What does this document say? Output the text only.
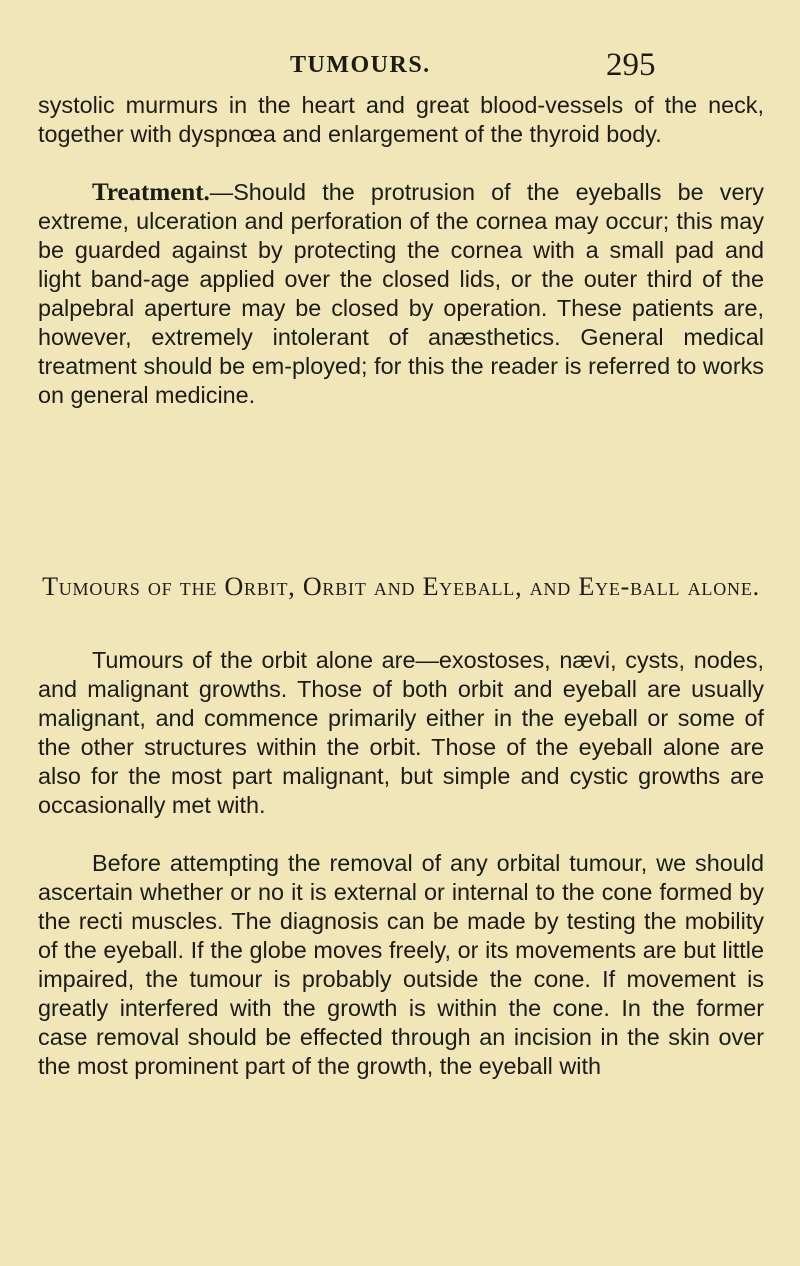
TUMOURS.	295

systolic murmurs in the heart and great blood-vessels of the neck, together with dyspnœa and enlargement of the thyroid body.

Treatment.—Should the protrusion of the eyeballs be very extreme, ulceration and perforation of the cornea may occur; this may be guarded against by protecting the cornea with a small pad and light band-age applied over the closed lids, or the outer third of the palpebral aperture may be closed by operation. These patients are, however, extremely intolerant of anæsthetics. General medical treatment should be em-ployed; for this the reader is referred to works on general medicine.

Tumours of the Orbit, Orbit and Eyeball, and Eye-ball alone.

Tumours of the orbit alone are—exostoses, nævi, cysts, nodes, and malignant growths. Those of both orbit and eyeball are usually malignant, and commence primarily either in the eyeball or some of the other structures within the orbit. Those of the eyeball alone are also for the most part malignant, but simple and cystic growths are occasionally met with.

Before attempting the removal of any orbital tumour, we should ascertain whether or no it is external or internal to the cone formed by the recti muscles. The diagnosis can be made by testing the mobility of the eyeball. If the globe moves freely, or its movements are but little impaired, the tumour is probably outside the cone. If movement is greatly interfered with the growth is within the cone. In the former case removal should be effected through an incision in the skin over the most prominent part of the growth, the eyeball with
